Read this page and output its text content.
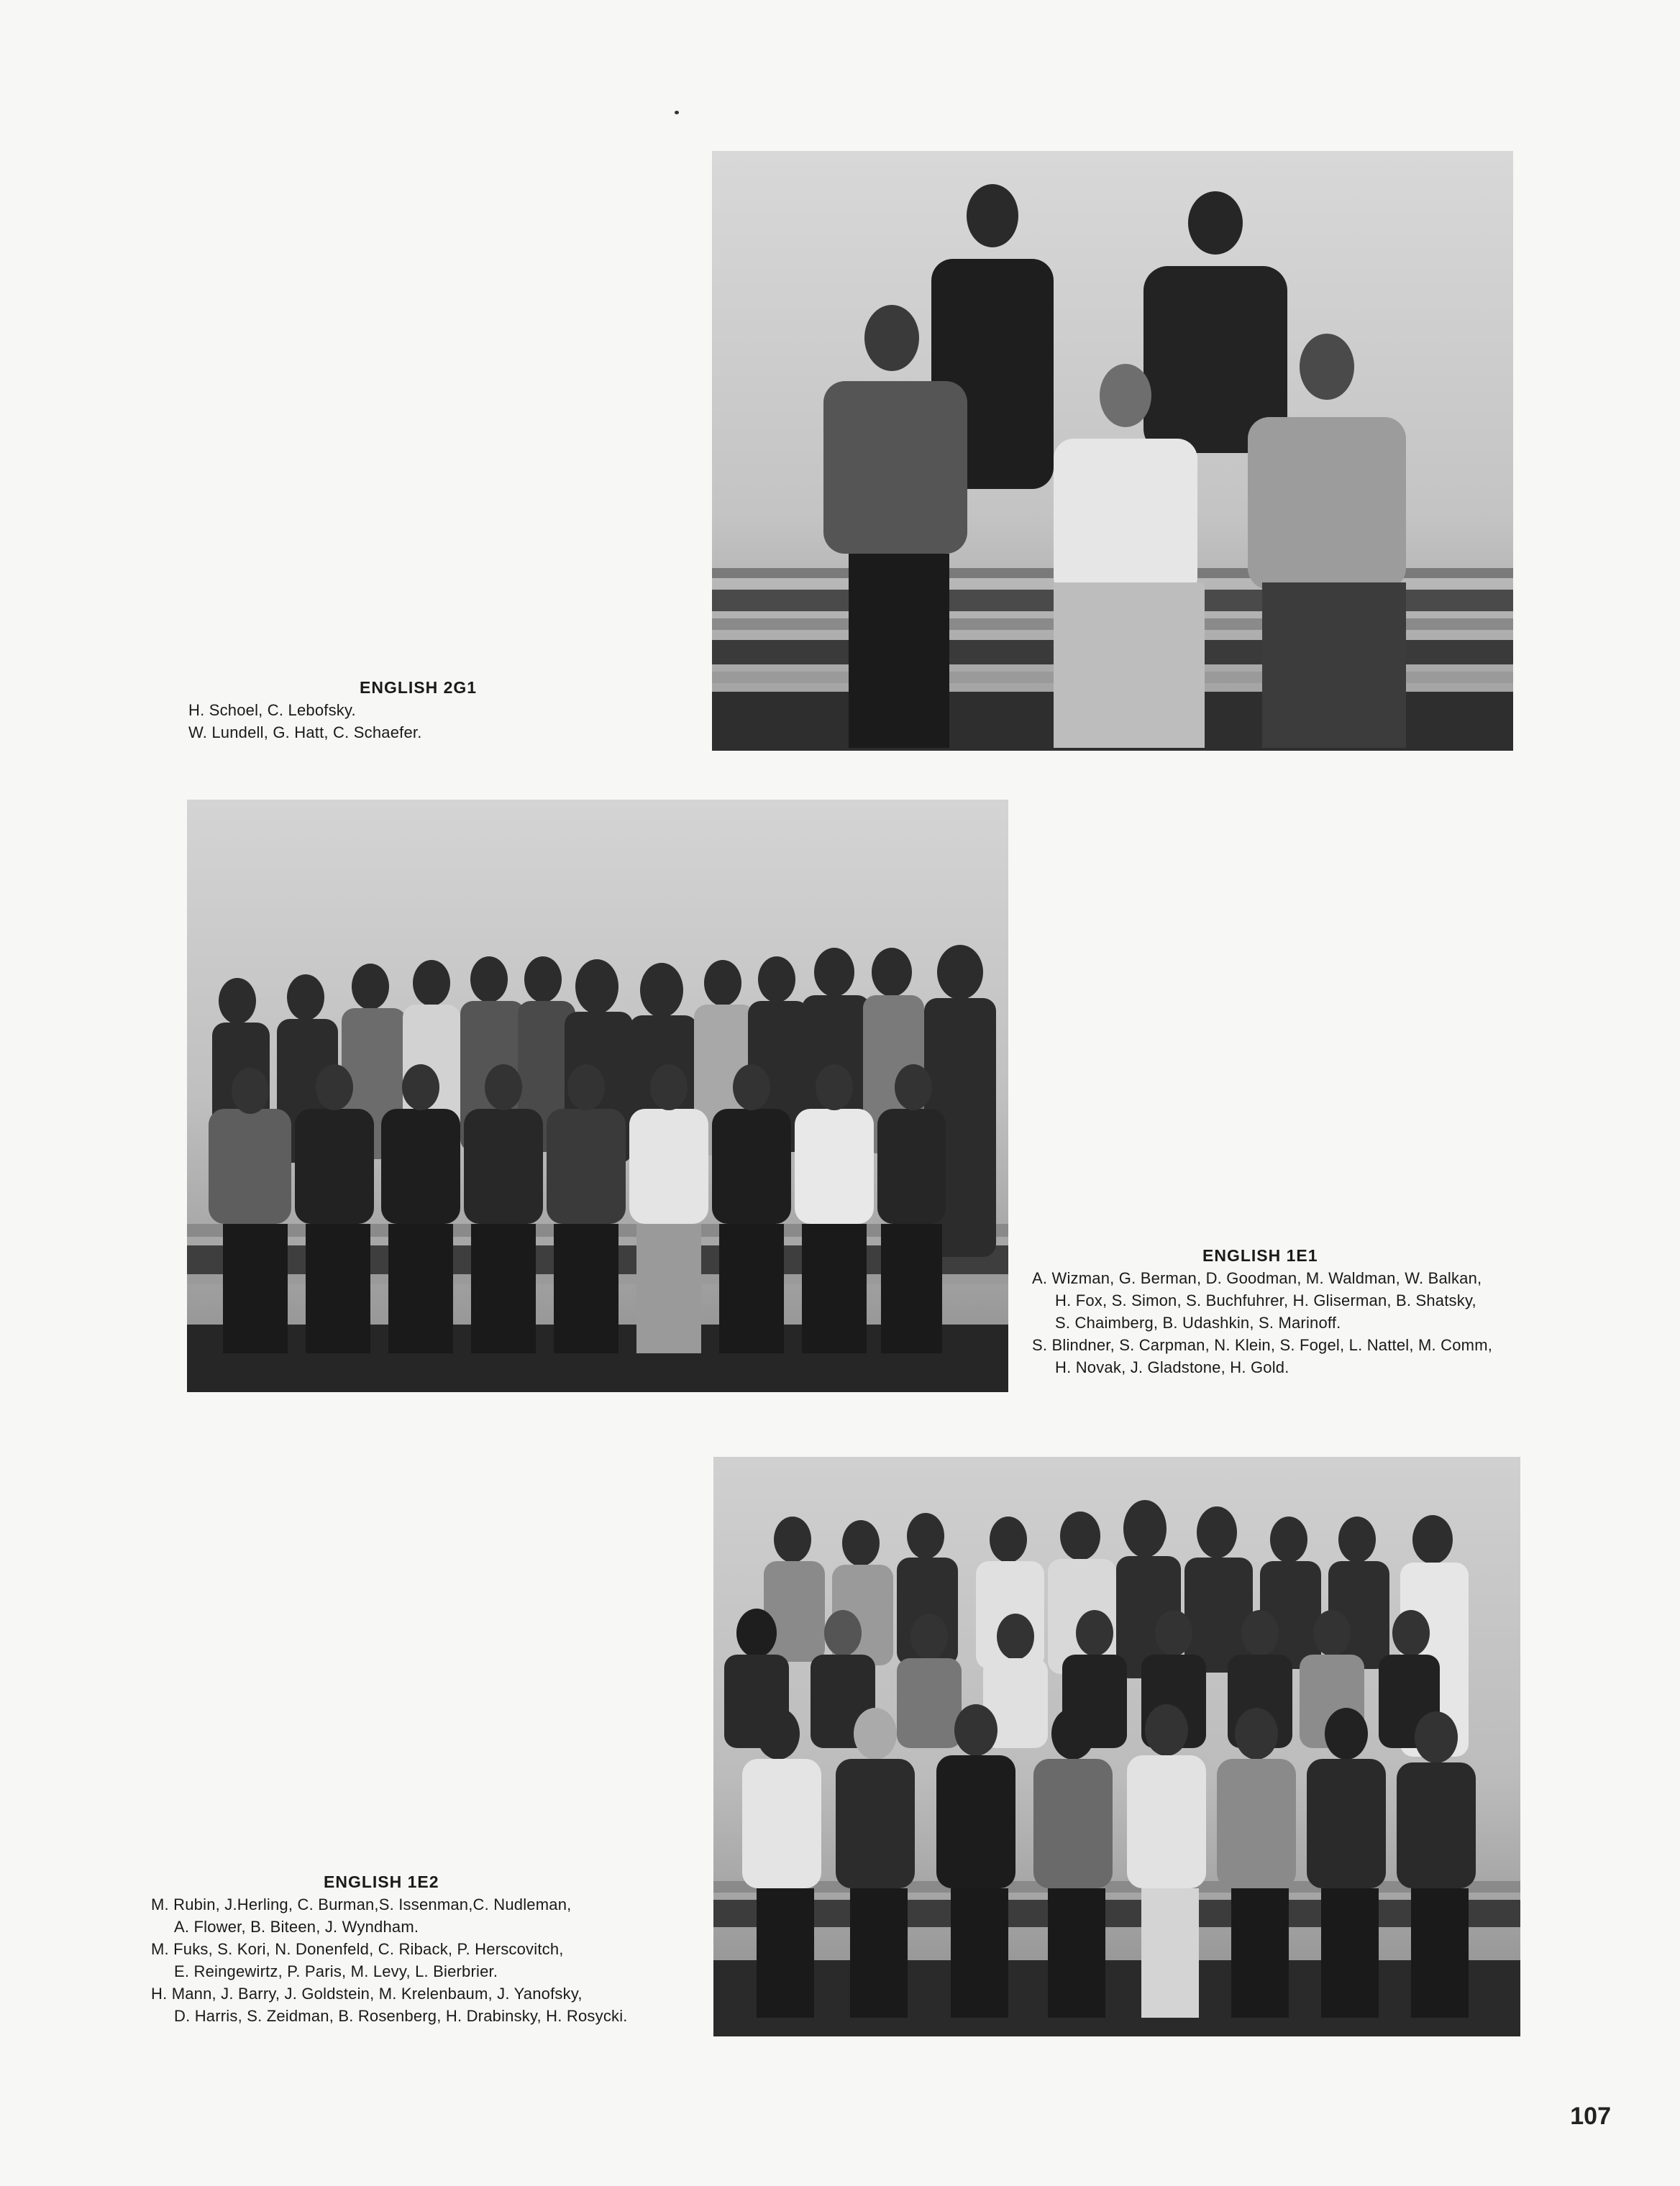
ENGLISH 2G1
H. Schoel, C. Lebofsky.
W. Lundell, G. Hatt, C. Schaefer.
ENGLISH 1E1
A. Wizman, G. Berman, D. Goodman, M. Waldman, W. Balkan,
H. Fox, S. Simon, S. Buchfuhrer, H. Gliserman, B. Shatsky,
S. Chaimberg, B. Udashkin, S. Marinoff.
S. Blindner, S. Carpman, N. Klein, S. Fogel, L. Nattel, M. Comm,
H. Novak, J. Gladstone, H. Gold.
ENGLISH 1E2
M. Rubin, J.Herling, C. Burman,S. Issenman,C. Nudleman,
A. Flower, B. Biteen, J. Wyndham.
M. Fuks, S. Kori, N. Donenfeld, C. Riback, P. Herscovitch,
E. Reingewirtz, P. Paris, M. Levy, L. Bierbrier.
H. Mann, J. Barry, J. Goldstein, M. Krelenbaum, J. Yanofsky,
D. Harris, S. Zeidman, B. Rosenberg, H. Drabinsky, H. Rosycki.
107
